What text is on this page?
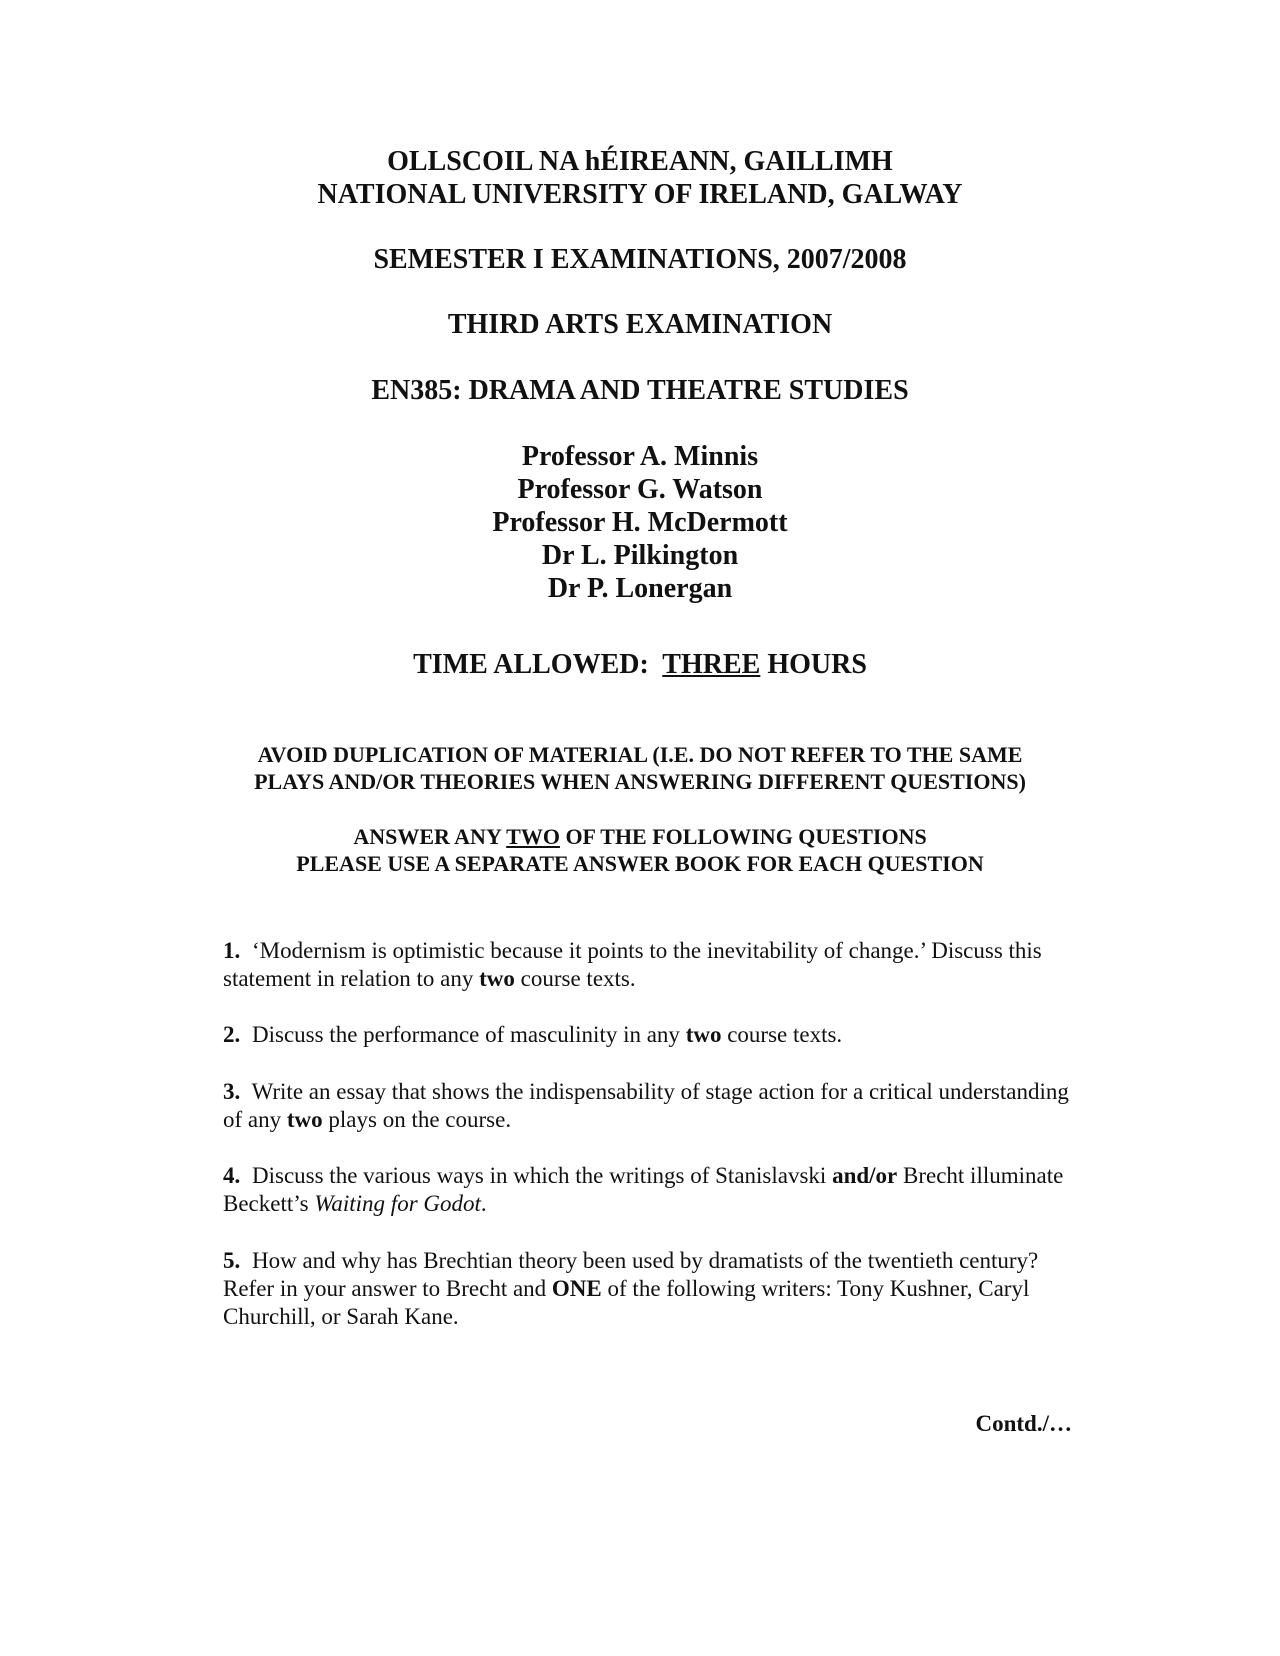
OLLSCOIL NA hÉIREANN, GAILLIMH
NATIONAL UNIVERSITY OF IRELAND, GALWAY
SEMESTER I EXAMINATIONS, 2007/2008
THIRD ARTS EXAMINATION
EN385: DRAMA AND THEATRE STUDIES
Professor A. Minnis
Professor G. Watson
Professor H. McDermott
Dr L. Pilkington
Dr P. Lonergan
TIME ALLOWED: THREE HOURS
AVOID DUPLICATION OF MATERIAL (I.E. DO NOT REFER TO THE SAME
PLAYS AND/OR THEORIES WHEN ANSWERING DIFFERENT QUESTIONS)
ANSWER ANY TWO OF THE FOLLOWING QUESTIONS
PLEASE USE A SEPARATE ANSWER BOOK FOR EACH QUESTION
1. ‘Modernism is optimistic because it points to the inevitability of change.’ Discuss this statement in relation to any two course texts.
2. Discuss the performance of masculinity in any two course texts.
3. Write an essay that shows the indispensability of stage action for a critical understanding of any two plays on the course.
4. Discuss the various ways in which the writings of Stanislavski and/or Brecht illuminate Beckett’s Waiting for Godot.
5. How and why has Brechtian theory been used by dramatists of the twentieth century? Refer in your answer to Brecht and ONE of the following writers: Tony Kushner, Caryl Churchill, or Sarah Kane.
Contd./…
